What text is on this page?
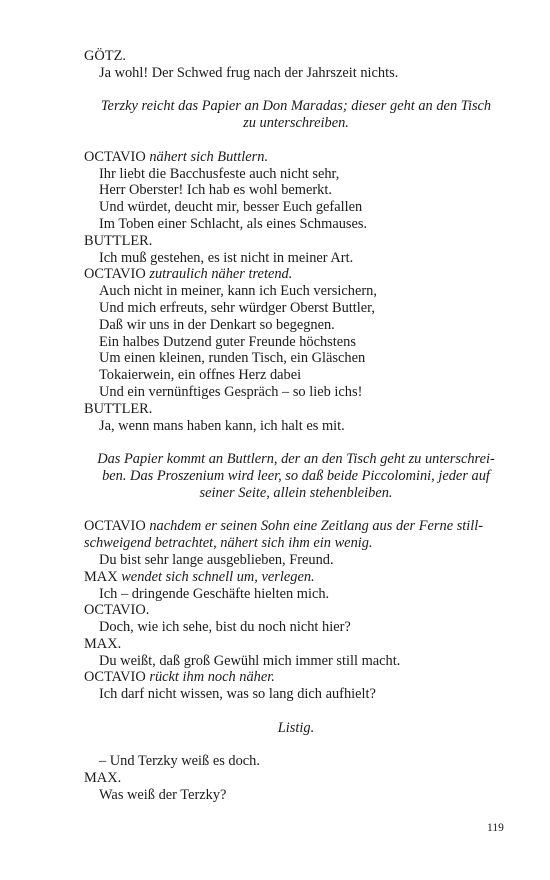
GÖTZ.

Ja wohl! Der Schwed frug nach der Jahrszeit nichts.

Terzky reicht das Papier an Don Maradas; dieser geht an den Tisch

zu unterschreiben.

OCTAVIO nähert sich Buttlern.

Ihr liebt die Bacchusfeste auch nicht sehr,

Herr Oberster! Ich hab es wohl bemerkt.

Und würdet, deucht mir, besser Euch gefallen

Im Toben einer Schlacht, als eines Schmauses.

BUTTLER.

Ich muß gestehen, es ist nicht in meiner Art.

OCTAVIO zutraulich näher tretend.

Auch nicht in meiner, kann ich Euch versichern,

Und mich erfreuts, sehr würdger Oberst Buttler,

Daß wir uns in der Denkart so begegnen.

Ein halbes Dutzend guter Freunde höchstens

Um einen kleinen, runden Tisch, ein Gläschen

Tokaierwein, ein offnes Herz dabei

Und ein vernünftiges Gespräch – so lieb ichs!

BUTTLER.

Ja, wenn mans haben kann, ich halt es mit.

Das Papier kommt an Buttlern, der an den Tisch geht zu unterschrei-

ben. Das Proszenium wird leer, so daß beide Piccolomini, jeder auf

seiner Seite, allein stehenbleiben.

OCTAVIO nachdem er seinen Sohn eine Zeitlang aus der Ferne still-

schweigend betrachtet, nähert sich ihm ein wenig.

Du bist sehr lange ausgeblieben, Freund.

MAX wendet sich schnell um, verlegen.

Ich – dringende Geschäfte hielten mich.

OCTAVIO.

Doch, wie ich sehe, bist du noch nicht hier?

MAX.

Du weißt, daß groß Gewühl mich immer still macht.

OCTAVIO rückt ihm noch näher.

Ich darf nicht wissen, was so lang dich aufhielt?

Listig.

– Und Terzky weiß es doch.

MAX.

Was weiß der Terzky?

119
